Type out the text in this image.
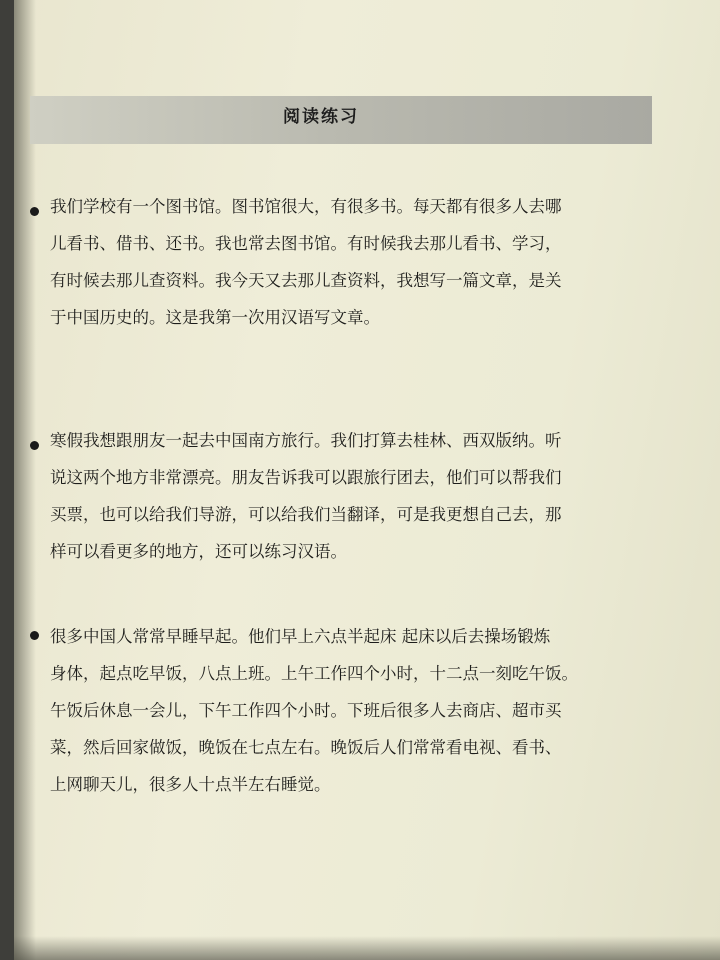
阅读练习

我们学校有一个图书馆。图书馆很大，有很多书。每天都有很多人去哪

儿看书、借书、还书。我也常去图书馆。有时候我去那儿看书、学习，

有时候去那儿查资料。我今天又去那儿查资料，我想写一篇文章，是关

于中国历史的。这是我第一次用汉语写文章。

寒假我想跟朋友一起去中国南方旅行。我们打算去桂林、西双版纳。听

说这两个地方非常漂亮。朋友告诉我可以跟旅行团去，他们可以帮我们

买票，也可以给我们导游，可以给我们当翻译，可是我更想自己去，那

样可以看更多的地方，还可以练习汉语。

很多中国人常常早睡早起。他们早上六点半起床 起床以后去操场锻炼

身体，起点吃早饭，八点上班。上午工作四个小时，十二点一刻吃午饭。

午饭后休息一会儿，下午工作四个小时。下班后很多人去商店、超市买

菜，然后回家做饭，晚饭在七点左右。晚饭后人们常常看电视、看书、

上网聊天儿，很多人十点半左右睡觉。
